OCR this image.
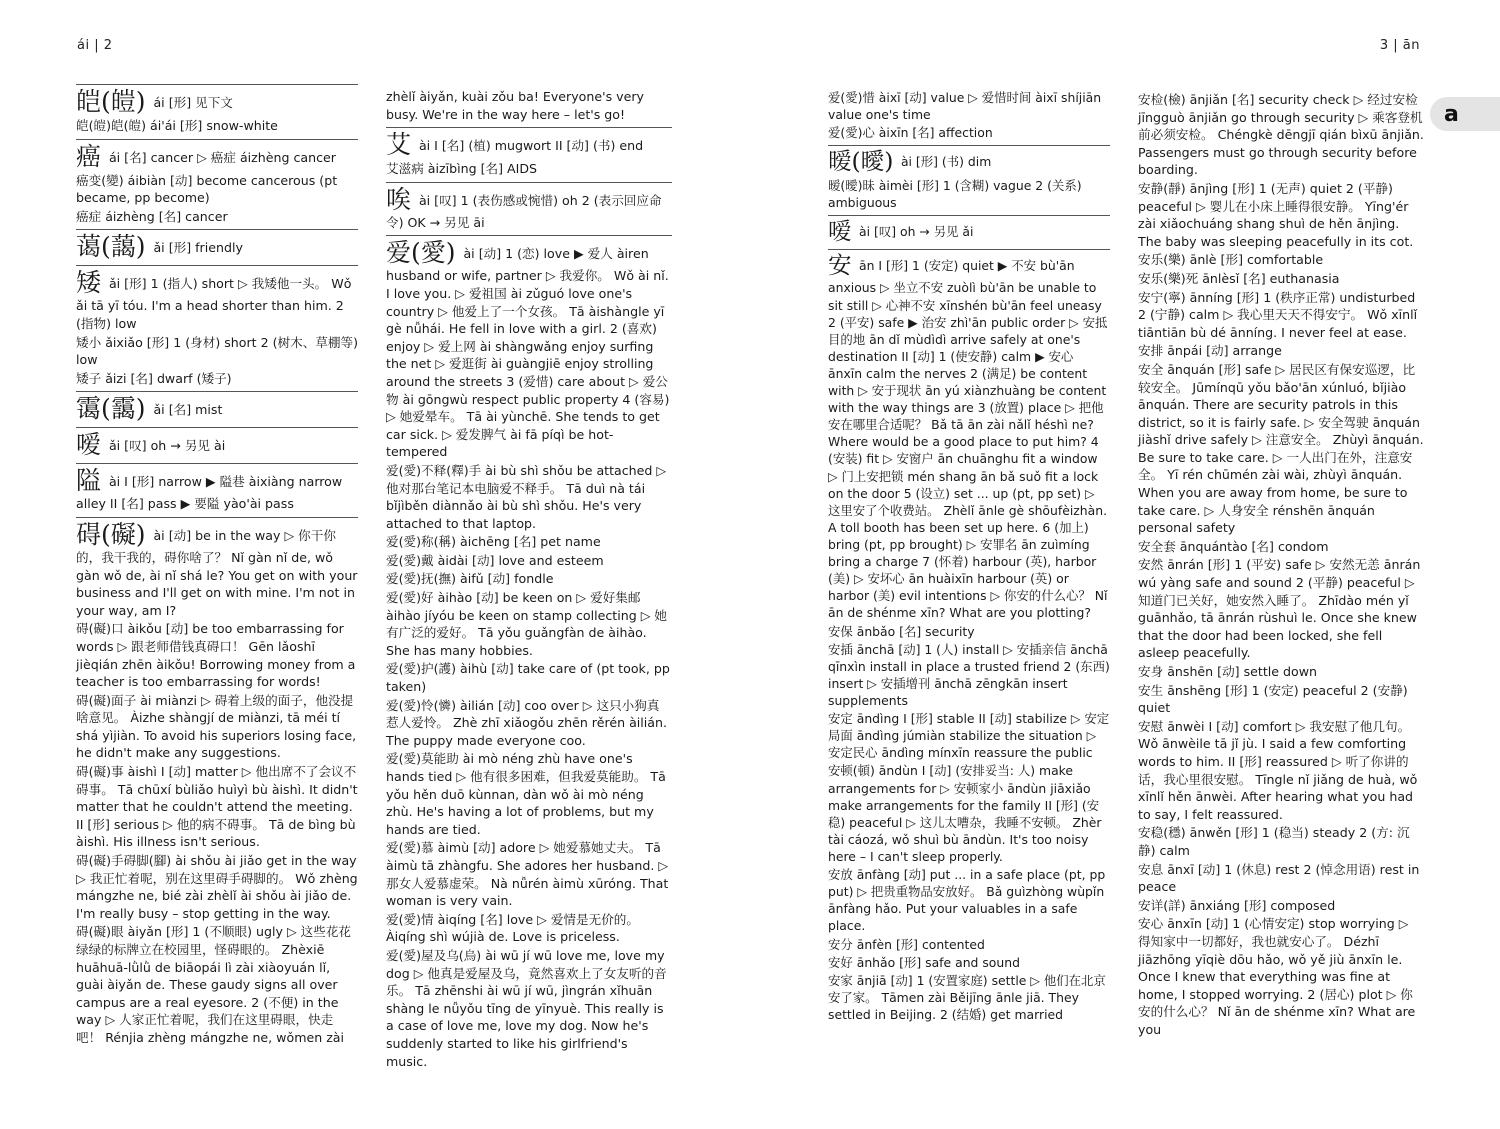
ái | 2	3 | ān
a
皑(皚) ái [形] 见下文
皑(皚)皑(皚) ái'ái [形] snow-white
癌 ái [名] cancer ▷ 癌症 áizhèng cancer
癌变(變) áibiàn [动] become cancerous (pt became, pp become)
癌症 áizhèng [名] cancer
蔼(藹) ǎi [形] friendly
矮 ǎi [形] 1 (指人) short ▷ 我矮他一头。 Wǒ ǎi tā yī tóu. I'm a head shorter than him. 2 (指物) low
矮小 ǎixiǎo [形] 1 (身材) short 2 (树木、草棚等) low
矮子 ǎizi [名] dwarf (矮子)
霭(靄) ǎi [名] mist
嗳 ǎi [叹] oh → 另见 ài
隘 ài I [形] narrow ▶ 隘巷 àixiàng narrow alley II [名] pass ▶ 要隘 yào'ài pass
碍(礙) ài [动] be in the way ▷ 你干你的，我干我的，碍你啥了？ Nǐ gàn nǐ de, wǒ gàn wǒ de, ài nǐ shá le? You get on with your business and I'll get on with mine. I'm not in your way, am I?
碍(礙)口 àikǒu [动] be too embarrassing for words ▷ 跟老师借钱真碍口！ Gēn lǎoshī jièqián zhēn àikǒu! Borrowing money from a teacher is too embarrassing for words!
碍(礙)面子 ài miànzi ▷ 碍着上级的面子，他没提啥意见。 Àizhe shàngjí de miànzi, tā méi tí shá yìjiàn. To avoid his superiors losing face, he didn't make any suggestions.
碍(礙)事 àishì I [动] matter ▷ 他出席不了会议不碍事。 Tā chūxí bùliǎo huìyì bù àishì. It didn't matter that he couldn't attend the meeting. II [形] serious ▷ 他的病不碍事。 Tā de bìng bù àishì. His illness isn't serious.
碍(礙)手碍脚(腳) ài shǒu ài jiǎo get in the way ▷ 我正忙着呢，别在这里碍手碍脚的。 Wǒ zhèng mángzhe ne, bié zài zhèlǐ ài shǒu ài jiǎo de. I'm really busy – stop getting in the way.
碍(礙)眼 àiyǎn [形] 1 (不顺眼) ugly ▷ 这些花花绿绿的标牌立在校园里，怪碍眼的。 Zhèxiē huāhuā-lǜlǜ de biāopái lì zài xiàoyuán lǐ, guài àiyǎn de. These gaudy signs all over campus are a real eyesore. 2 (不便) in the way ▷ 人家正忙着呢，我们在这里碍眼，快走吧！ Rénjia zhèng mángzhe ne, wǒmen zài
zhèlǐ àiyǎn, kuài zǒu ba! Everyone's very busy. We're in the way here – let's go!
艾 ài I [名] (植) mugwort II [动] (书) end
艾滋病 àizībìng [名] AIDS
唉 ài [叹] 1 (表伤感或惋惜) oh 2 (表示回应命令) OK → 另见 āi
爱(愛) ài [动] 1 (恋) love ▶ 爱人 àiren husband or wife, partner ▷ 我爱你。 Wǒ ài nǐ. I love you. ▷ 爱祖国 ài zǔguó love one's country ▷ 他爱上了一个女孩。 Tā àishàngle yī gè nǚhái. He fell in love with a girl. 2 (喜欢) enjoy ▷ 爱上网 ài shàngwǎng enjoy surfing the net ▷ 爱逛街 ài guàngjiē enjoy strolling around the streets 3 (爱惜) care about ▷ 爱公物 ài gōngwù respect public property 4 (容易) ▷ 她爱晕车。 Tā ài yùnchē. She tends to get car sick. ▷ 爱发脾气 ài fā píqì be hot-tempered
爱(愛)不释(釋)手 ài bù shì shǒu be attached ▷ 他对那台笔记本电脑爱不释手。 Tā duì nà tái bǐjìběn diànnǎo ài bù shì shǒu. He's very attached to that laptop.
爱(愛)称(稱) àichēng [名] pet name
爱(愛)戴 àidài [动] love and esteem
爱(愛)抚(撫) àifǔ [动] fondle
爱(愛)好 àihào [动] be keen on ▷ 爱好集邮 àihào jíyóu be keen on stamp collecting ▷ 她有广泛的爱好。 Tā yǒu guǎngfàn de àihào. She has many hobbies.
爱(愛)护(護) àihù [动] take care of (pt took, pp taken)
爱(愛)怜(憐) àilián [动] coo over ▷ 这只小狗真惹人爱怜。 Zhè zhī xiǎogǒu zhēn rěrén àilián. The puppy made everyone coo.
爱(愛)莫能助 ài mò néng zhù have one's hands tied ▷ 他有很多困难，但我爱莫能助。 Tā yǒu hěn duō kùnnan, dàn wǒ ài mò néng zhù. He's having a lot of problems, but my hands are tied.
爱(愛)慕 àimù [动] adore ▷ 她爱慕她丈夫。 Tā àimù tā zhàngfu. She adores her husband. ▷ 那女人爱慕虚荣。 Nà nǚrén àimù xūróng. That woman is very vain.
爱(愛)情 àiqíng [名] love ▷ 爱情是无价的。 Àiqíng shì wújià de. Love is priceless.
爱(愛)屋及乌(烏) ài wū jí wū love me, love my dog ▷ 他真是爱屋及乌，竟然喜欢上了女友听的音乐。 Tā zhēnshi ài wū jí wū, jìngrán xǐhuān shàng le nǚyǒu tīng de yīnyuè. This really is a case of love me, love my dog. Now he's suddenly started to like his girlfriend's music.
爱(愛)惜 àixī [动] value ▷ 爱惜时间 àixī shíjiān value one's time
爱(愛)心 àixīn [名] affection
暧(曖) ài [形] (书) dim
暧(曖)昧 àimèi [形] 1 (含糊) vague 2 (关系) ambiguous
嗳 ài [叹] oh → 另见 ǎi
安 ān I [形] 1 (安定) quiet ▶ 不安 bù'ān anxious ▷ 坐立不安 zuòlì bù'ān be unable to sit still ▷ 心神不安 xīnshén bù'ān feel uneasy 2 (平安) safe ▶ 治安 zhì'ān public order ▷ 安抵目的地 ān dǐ mùdìdì arrive safely at one's destination II [动] 1 (使安静) calm ▶ 安心 ānxīn calm the nerves 2 (满足) be content with ▷ 安于现状 ān yú xiànzhuàng be content with the way things are 3 (放置) place ▷ 把他安在哪里合适呢？ Bǎ tā ān zài nǎlǐ héshì ne? Where would be a good place to put him? 4 (安装) fit ▷ 安窗户 ān chuānghu fit a window ▷ 门上安把锁 mén shang ān bǎ suǒ fit a lock on the door 5 (设立) set ... up (pt, pp set) ▷ 这里安了个收费站。 Zhèlǐ ānle gè shōufèizhàn. A toll booth has been set up here. 6 (加上) bring (pt, pp brought) ▷ 安罪名 ān zuìmíng bring a charge 7 (怀着) harbour (英), harbor (美) ▷ 安坏心 ān huàixīn harbour (英) or harbor (美) evil intentions ▷ 你安的什么心？ Nǐ ān de shénme xīn? What are you plotting?
安保 ānbǎo [名] security
安插 ānchā [动] 1 (人) install ▷ 安插亲信 ānchā qīnxìn install in place a trusted friend 2 (东西) insert ▷ 安插增刊 ānchā zēngkān insert supplements
安定 āndìng I [形] stable II [动] stabilize ▷ 安定局面 āndìng júmiàn stabilize the situation ▷ 安定民心 āndìng mínxīn reassure the public
安顿(頓) āndùn I [动] (安排妥当: 人) make arrangements for ▷ 安顿家小 āndùn jiāxiǎo make arrangements for the family II [形] (安稳) peaceful ▷ 这儿太嘈杂，我睡不安顿。 Zhèr tài cáozá, wǒ shuì bù āndùn. It's too noisy here – I can't sleep properly.
安放 ānfàng [动] put ... in a safe place (pt, pp put) ▷ 把贵重物品安放好。 Bǎ guìzhòng wùpǐn ānfàng hǎo. Put your valuables in a safe place.
安分 ānfèn [形] contented
安好 ānhǎo [形] safe and sound
安家 ānjiā [动] 1 (安置家庭) settle ▷ 他们在北京安了家。 Tāmen zài Běijīng ānle jiā. They settled in Beijing. 2 (结婚) get married
安检(檢) ānjiǎn [名] security check ▷ 经过安检 jīngguò ānjiǎn go through security ▷ 乘客登机前必须安检。 Chéngkè dēngjī qián bìxū ānjiǎn. Passengers must go through security before boarding.
安静(靜) ānjìng [形] 1 (无声) quiet 2 (平静) peaceful ▷ 婴儿在小床上睡得很安静。 Yīng'ér zài xiǎochuáng shang shuì de hěn ānjìng. The baby was sleeping peacefully in its cot.
安乐(樂) ānlè [形] comfortable
安乐(樂)死 ānlèsǐ [名] euthanasia
安宁(寧) ānníng [形] 1 (秩序正常) undisturbed 2 (宁静) calm ▷ 我心里天天不得安宁。 Wǒ xīnlǐ tiāntiān bù dé ānníng. I never feel at ease.
安排 ānpái [动] arrange
安全 ānquán [形] safe ▷ 居民区有保安巡逻，比较安全。 Jūmínqū yǒu bǎo'ān xúnluó, bǐjiào ānquán. There are security patrols in this district, so it is fairly safe. ▷ 安全驾驶 ānquán jiàshǐ drive safely ▷ 注意安全。 Zhùyì ānquán. Be sure to take care. ▷ 一人出门在外，注意安全。 Yī rén chūmén zài wài, zhùyì ānquán. When you are away from home, be sure to take care. ▷ 人身安全 rénshēn ānquán personal safety
安全套 ānquántào [名] condom
安然 ānrán [形] 1 (平安) safe ▷ 安然无恙 ānrán wú yàng safe and sound 2 (平静) peaceful ▷ 知道门已关好，她安然入睡了。 Zhīdào mén yǐ guānhǎo, tā ānrán rùshuì le. Once she knew that the door had been locked, she fell asleep peacefully.
安身 ānshēn [动] settle down
安生 ānshēng [形] 1 (安定) peaceful 2 (安静) quiet
安慰 ānwèi I [动] comfort ▷ 我安慰了他几句。 Wǒ ānwèile tā jǐ jù. I said a few comforting words to him. II [形] reassured ▷ 听了你讲的话，我心里很安慰。 Tīngle nǐ jiǎng de huà, wǒ xīnlǐ hěn ānwèi. After hearing what you had to say, I felt reassured.
安稳(穩) ānwěn [形] 1 (稳当) steady 2 (方: 沉静) calm
安息 ānxī [动] 1 (休息) rest 2 (悼念用语) rest in peace
安详(詳) ānxiáng [形] composed
安心 ānxīn [动] 1 (心情安定) stop worrying ▷ 得知家中一切都好，我也就安心了。 Dézhī jiāzhōng yīqiè dōu hǎo, wǒ yě jiù ānxīn le. Once I knew that everything was fine at home, I stopped worrying. 2 (居心) plot ▷ 你安的什么心？ Nǐ ān de shénme xīn? What are you
